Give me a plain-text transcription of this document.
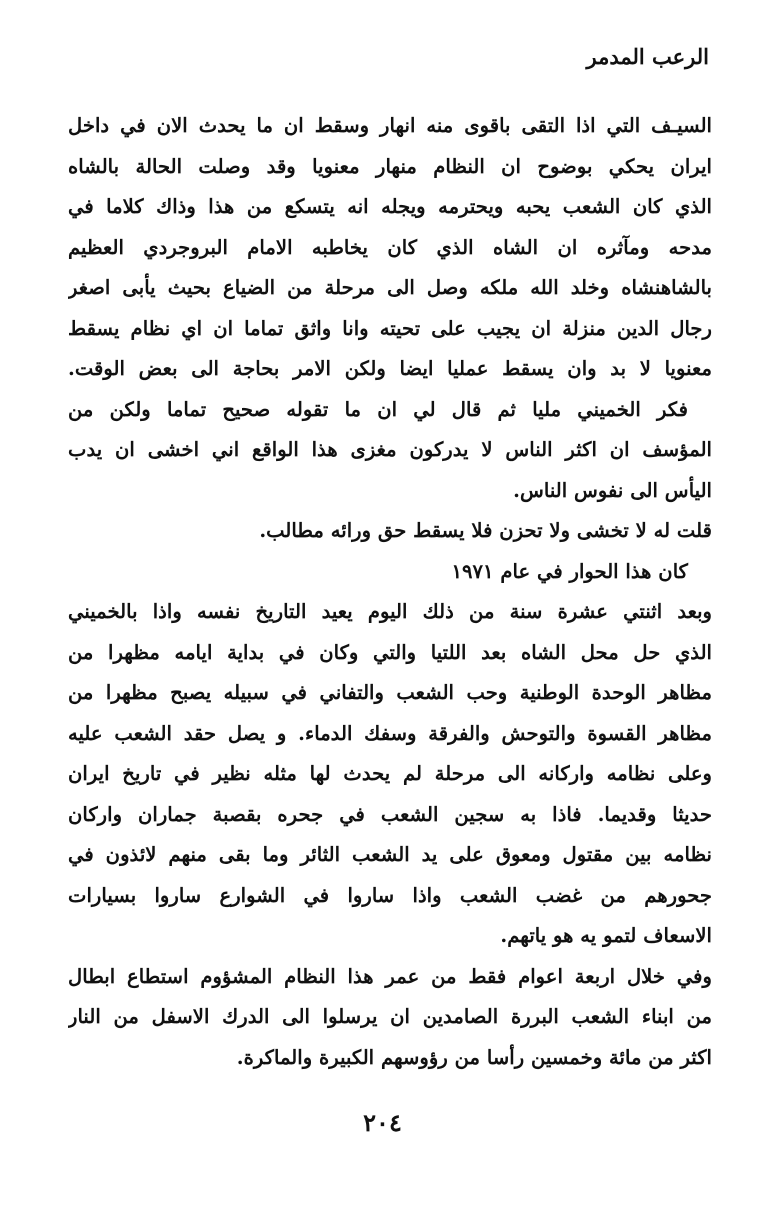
الرعب المدمر
السيـف التي اذا التقى باقوى منه انهار وسقط ان ما يحدث الان في داخل
ايران يحكي بوضوح ان النظام منهار معنويا وقد وصلت الحالة بالشاه
الذي كان الشعب يحبه ويحترمه ويجله انه يتسكع من هذا وذاك كلاما في
مدحه ومآثره ان الشاه الذي كان يخاطبه الامام البروجردي العظيم
بالشاهنشاه وخلد الله ملكه وصل الى مرحلة من الضياع بحيث يأبى اصغر
رجال الدين منزلة ان يجيب على تحيته وانا واثق تماما ان اي نظام يسقط
معنويا لا بد وان يسقط عمليا ايضا ولكن الامر بحاجة الى بعض الوقت.
فكر الخميني مليا ثم قال لي ان ما تقوله صحيح تماما ولكن من
المؤسف ان اكثر الناس لا يدركون مغزى هذا الواقع اني اخشى ان يدب
اليأس الى نفوس الناس.
قلت له لا تخشى ولا تحزن فلا يسقط حق ورائه مطالب.
كان هذا الحوار في عام ١٩٧١
وبعد اثنتي عشرة سنة من ذلك اليوم يعيد التاريخ نفسه واذا بالخميني
الذي حل محل الشاه بعد اللتيا والتي وكان في بداية ايامه مظهرا من
مظاهر الوحدة الوطنية وحب الشعب والتفاني في سبيله يصبح مظهرا من
مظاهر القسوة والتوحش والفرقة وسفك الدماء. و يصل حقد الشعب عليه
وعلى نظامه واركانه الى مرحلة لم يحدث لها مثله نظير في تاريخ ايران
حديثا وقديما. فاذا به سجين الشعب في جحره بقصبة جماران واركان
نظامه بين مقتول ومعوق على يد الشعب الثائر وما بقى منهم لائذون في
جحورهم من غضب الشعب واذا ساروا في الشوارع ساروا بسيارات
الاسعاف لتمو يه هو ياتهم.
وفي خلال اربعة اعوام فقط من عمر هذا النظام المشؤوم استطاع ابطال
من ابناء الشعب البررة الصامدين ان يرسلوا الى الدرك الاسفل من النار
اكثر من مائة وخمسين رأسا من رؤوسهم الكبيرة والماكرة.
٢٠٤
